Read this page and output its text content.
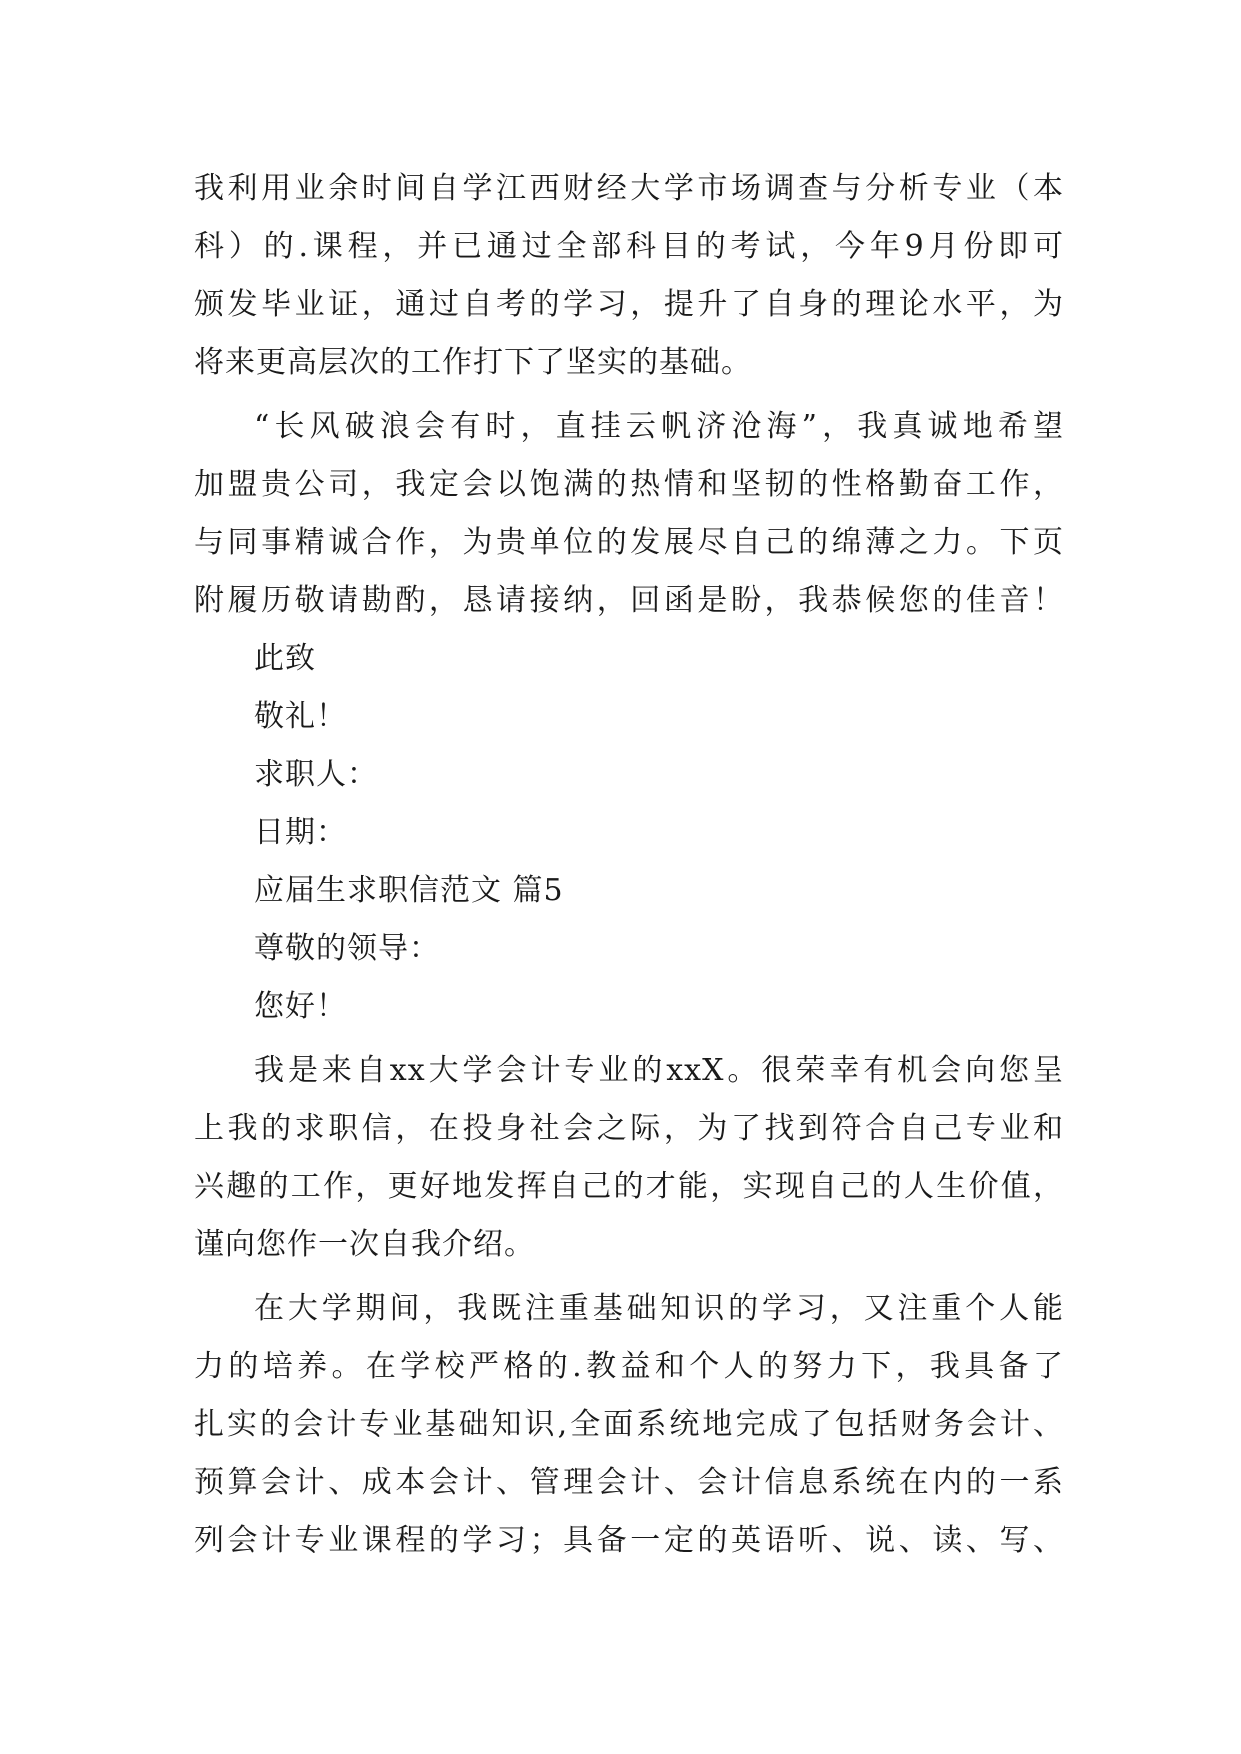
我利用业余时间自学江西财经大学市场调查与分析专业（本
科）的.课程，并已通过全部科目的考试，今年9月份即可
颁发毕业证，通过自考的学习，提升了自身的理论水平，为
将来更高层次的工作打下了坚实的基础。
“长风破浪会有时，直挂云帆济沧海”，我真诚地希望
加盟贵公司，我定会以饱满的热情和坚韧的性格勤奋工作，
与同事精诚合作，为贵单位的发展尽自己的绵薄之力。下页
附履历敬请勘酌，恳请接纳，回函是盼，我恭候您的佳音！
此致
敬礼！
求职人：
日期：
应届生求职信范文 篇5
尊敬的领导：
您好！
我是来自xx大学会计专业的xxX。很荣幸有机会向您呈
上我的求职信，在投身社会之际，为了找到符合自己专业和
兴趣的工作，更好地发挥自己的才能，实现自己的人生价值，
谨向您作一次自我介绍。
在大学期间，我既注重基础知识的学习，又注重个人能
力的培养。在学校严格的.教益和个人的努力下，我具备了
扎实的会计专业基础知识,全面系统地完成了包括财务会计、
预算会计、成本会计、管理会计、会计信息系统在内的一系
列会计专业课程的学习；具备一定的英语听、说、读、写、
